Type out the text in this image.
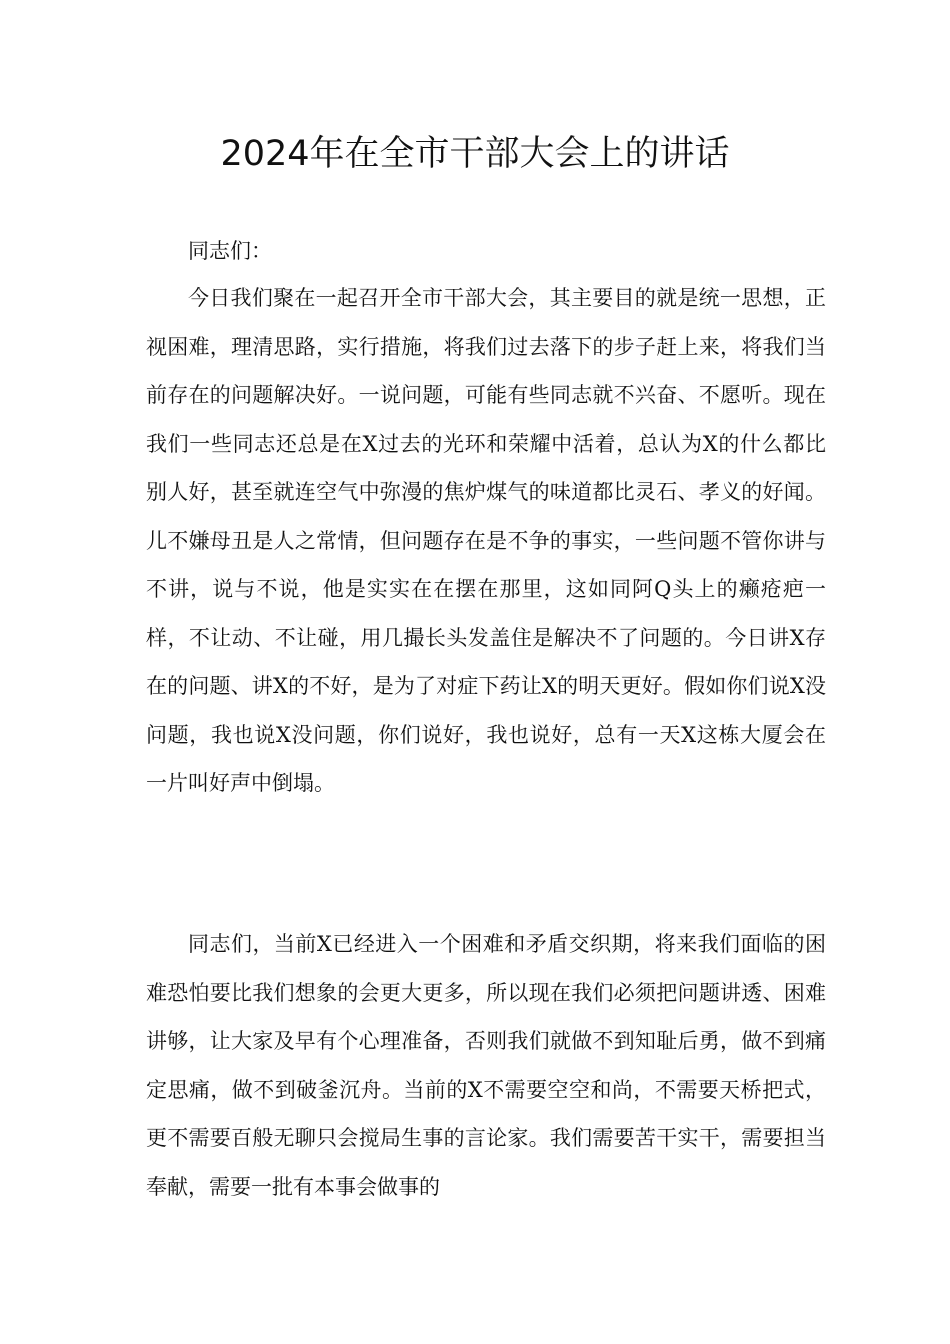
2024年在全市干部大会上的讲话

同志们：

今日我们聚在一起召开全市干部大会，其主要目的就是统一思想，正视困难，理清思路，实行措施，将我们过去落下的步子赶上来，将我们当前存在的问题解决好。一说问题，可能有些同志就不兴奋、不愿听。现在我们一些同志还总是在X过去的光环和荣耀中活着，总认为X的什么都比别人好，甚至就连空气中弥漫的焦炉煤气的味道都比灵石、孝义的好闻。儿不嫌母丑是人之常情，但问题存在是不争的事实，一些问题不管你讲与不讲，说与不说，他是实实在在摆在那里，这如同阿Q头上的癞疮疤一样，不让动、不让碰，用几撮长头发盖住是解决不了问题的。今日讲X存在的问题、讲X的不好，是为了对症下药让X的明天更好。假如你们说X没问题，我也说X没问题，你们说好，我也说好，总有一天X这栋大厦会在一片叫好声中倒塌。

同志们，当前X已经进入一个困难和矛盾交织期，将来我们面临的困难恐怕要比我们想象的会更大更多，所以现在我们必须把问题讲透、困难讲够，让大家及早有个心理准备，否则我们就做不到知耻后勇，做不到痛定思痛，做不到破釜沉舟。当前的X不需要空空和尚，不需要天桥把式，更不需要百般无聊只会搅局生事的言论家。我们需要苦干实干，需要担当奉献，需要一批有本事会做事的
